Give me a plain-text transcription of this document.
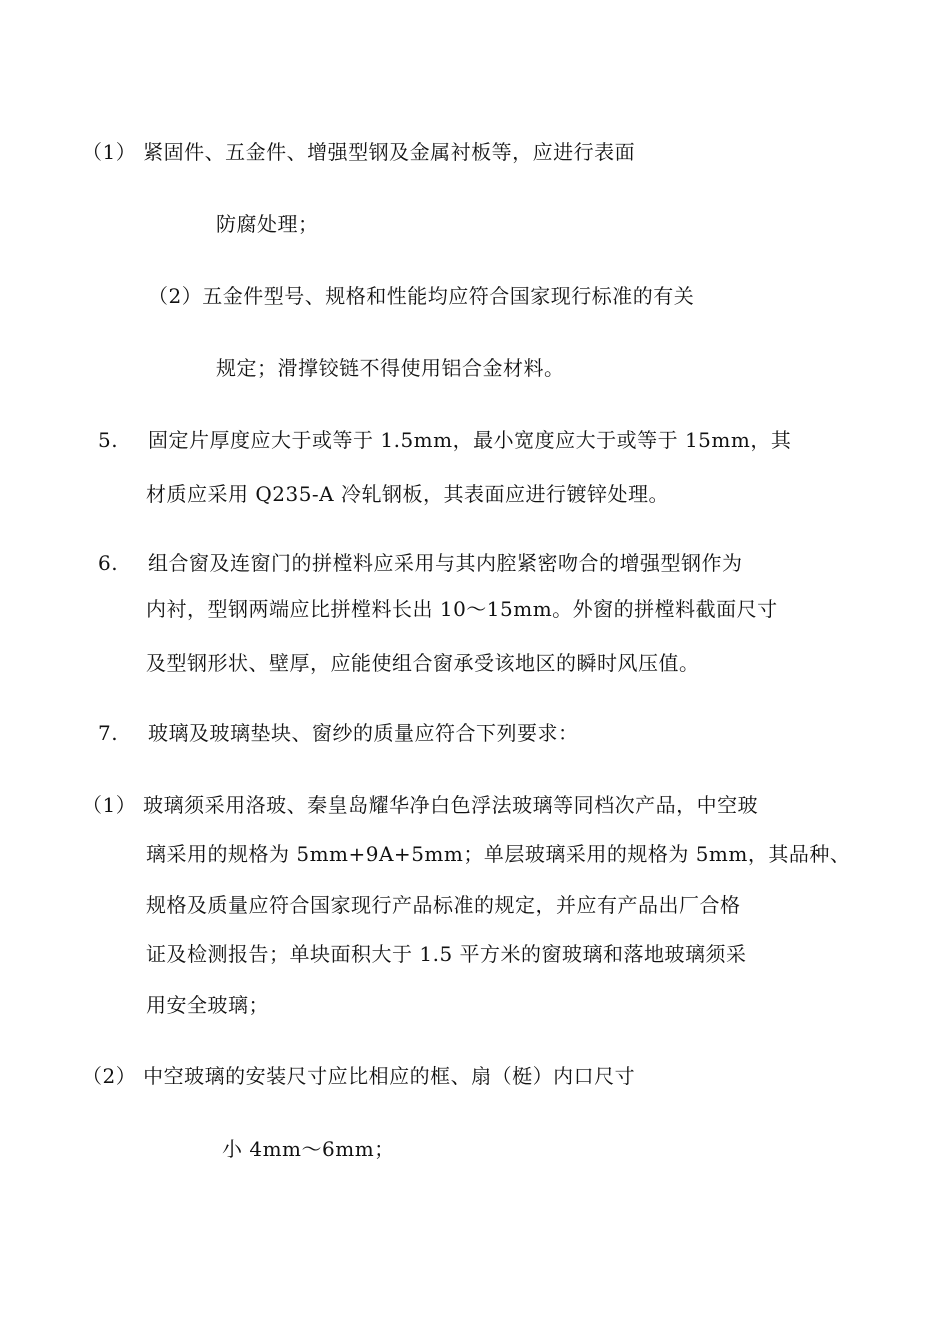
（1） 紧固件、五金件、增强型钢及金属衬板等，应进行表面
防腐处理；
（2）五金件型号、规格和性能均应符合国家现行标准的有关
规定；滑撑铰链不得使用铝合金材料。
5. 固定片厚度应大于或等于 1.5mm，最小宽度应大于或等于 15mm，其
材质应采用 Q235-A 冷轧钢板，其表面应进行镀锌处理。
6. 组合窗及连窗门的拼樘料应采用与其内腔紧密吻合的增强型钢作为
内衬，型钢两端应比拼樘料长出 10～15mm。外窗的拼樘料截面尺寸
及型钢形状、壁厚，应能使组合窗承受该地区的瞬时风压值。
7. 玻璃及玻璃垫块、窗纱的质量应符合下列要求：
（1） 玻璃须采用洛玻、秦皇岛耀华净白色浮法玻璃等同档次产品，中空玻
璃采用的规格为 5mm+9A+5mm；单层玻璃采用的规格为 5mm，其品种、
规格及质量应符合国家现行产品标准的规定，并应有产品出厂合格
证及检测报告；单块面积大于 1.5 平方米的窗玻璃和落地玻璃须采
用安全玻璃；
（2） 中空玻璃的安装尺寸应比相应的框、扇（梃）内口尺寸
小 4mm～6mm；
